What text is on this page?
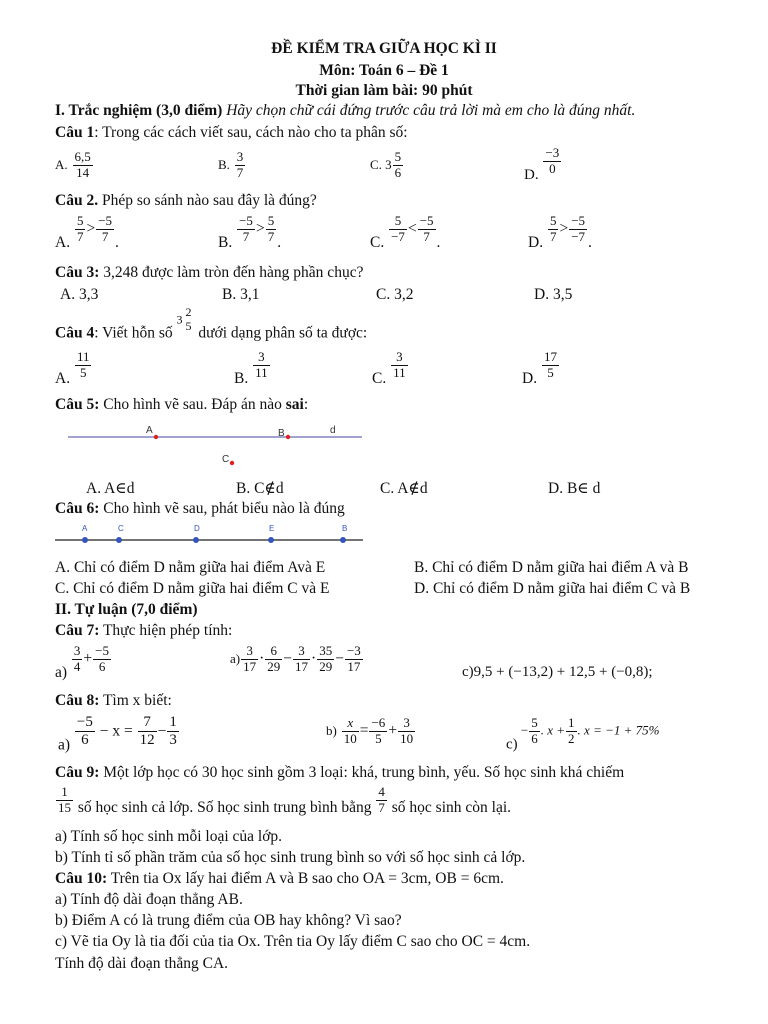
ĐỀ KIỂM TRA GIỮA HỌC KÌ II
Môn: Toán 6 – Đề 1
Thời gian làm bài: 90 phút
I. Trắc nghiệm (3,0 điểm) Hãy chọn chữ cái đứng trước câu trả lời mà em cho là đúng nhất.
Câu 1: Trong các cách viết sau, cách nào cho ta phân số:
A. $\frac{6,5}{14}$	B. $\frac{3}{7}$	C. $3 \frac{5}{6}$	D. $\frac{-3}{0}$
Câu 2. Phép so sánh nào sau đây là đúng?
A. $\frac{5}{7} > \frac{-5}{7}$ .	B. $\frac{-5}{7} > \frac{5}{7}$ .	C. $\frac{5}{-7} < \frac{-5}{7}$ .	D. $\frac{5}{7} > \frac{-5}{-7}$ .
Câu 3: 3,248 được làm tròn đến hàng phần chục?
A. 3,3	B. 3,1	C. 3,2	D. 3,5
Câu 4: Viết hỗn số 3
2
5 dưới dạng phân số ta được:
A. $\frac{11}{5}$	B. $\frac{3}{11}$	C. $\frac{3}{11}$	D. $\frac{17}{5}$
Câu 5: Cho hình vẽ sau. Đáp án nào sai:
A	B	d
C
A. A∈d	B. C∉d	C. A∉d	D. B∈ d
Câu 6: Cho hình vẽ sau, phát biểu nào là đúng
A	C	D	E	B
A. Chỉ có điểm D nằm giữa hai điểm Avà E	B. Chỉ có điểm D nằm giữa hai điểm A và B
C. Chỉ có điểm D nằm giữa hai điểm C và E	D. Chỉ có điểm D nằm giữa hai điểm C và B
II. Tự luận (7,0 điểm)
Câu 7: Thực hiện phép tính:
$a) \frac{3}{4} + \frac{-5}{6}$	$a) \frac{3}{17} \cdot \frac{6}{29} - \frac{3}{17} \cdot \frac{35}{29} - \frac{-3}{17}$	c)9,5 + (−13,2) + 12,5 + (−0,8);
Câu 8: Tìm x biết:
$a) \frac{-5}{6} - x = \frac{7}{12} - \frac{1}{3}$	$b) \frac{x}{10} = \frac{-6}{5} + \frac{3}{10}$	$c) - \frac{5}{6}$ . $x + \frac{1}{2}$ . x = −1 + 75%
Câu 9: Một lớp học có 30 học sinh gồm 3 loại: khá, trung bình, yếu. Số học sinh khá chiếm
$\frac{1}{15}$ số học sinh cả lớp. Số học sinh trung bình bằng $\frac{4}{7}$ số học sinh còn lại.
a) Tính số học sinh mỗi loại của lớp.
b) Tính tỉ số phần trăm của số học sinh trung bình so với số học sinh cả lớp.
Câu 10: Trên tia Ox lấy hai điểm A và B sao cho OA = 3cm, OB = 6cm.
a) Tính độ dài đoạn thẳng AB.
b) Điểm A có là trung điểm của OB hay không? Vì sao?
c) Vẽ tia Oy là tia đối của tia Ox. Trên tia Oy lấy điểm C sao cho OC = 4cm.
Tính độ dài đoạn thẳng CA.
